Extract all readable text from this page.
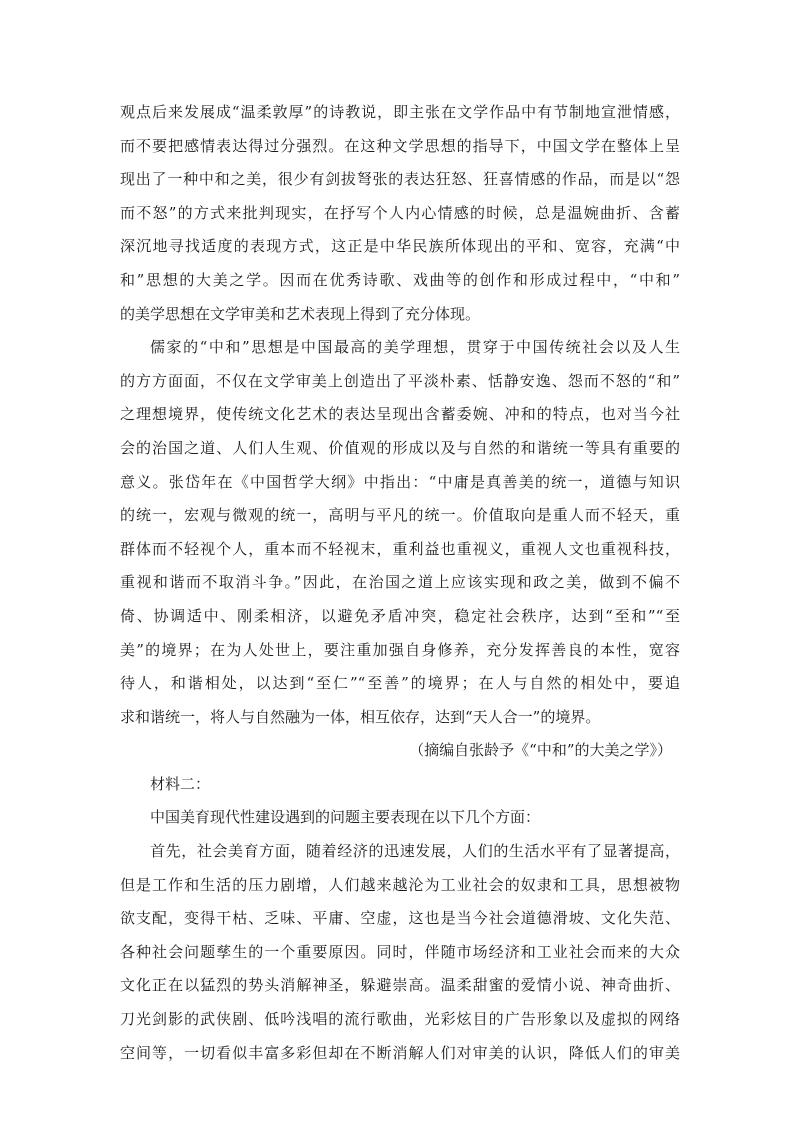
观点后来发展成“温柔敦厚”的诗教说，即主张在文学作品中有节制地宣泄情感，
而不要把感情表达得过分强烈。在这种文学思想的指导下，中国文学在整体上呈
现出了一种中和之美，很少有剑拔弩张的表达狂怒、狂喜情感的作品，而是以“怨
而不怒”的方式来批判现实，在抒写个人内心情感的时候，总是温婉曲折、含蓄
深沉地寻找适度的表现方式，这正是中华民族所体现出的平和、宽容，充满“中
和”思想的大美之学。因而在优秀诗歌、戏曲等的创作和形成过程中，“中和”
的美学思想在文学审美和艺术表现上得到了充分体现。
儒家的“中和”思想是中国最高的美学理想，贯穿于中国传统社会以及人生
的方方面面，不仅在文学审美上创造出了平淡朴素、恬静安逸、怨而不怒的“和”
之理想境界，使传统文化艺术的表达呈现出含蓄委婉、冲和的特点，也对当今社
会的治国之道、人们人生观、价值观的形成以及与自然的和谐统一等具有重要的
意义。张岱年在《中国哲学大纲》中指出：“中庸是真善美的统一，道德与知识
的统一，宏观与微观的统一，高明与平凡的统一。价值取向是重人而不轻天，重
群体而不轻视个人，重本而不轻视末，重利益也重视义，重视人文也重视科技，
重视和谐而不取消斗争。”因此，在治国之道上应该实现和政之美，做到不偏不
倚、协调适中、刚柔相济，以避免矛盾冲突，稳定社会秩序，达到“至和”“至
美”的境界；在为人处世上，要注重加强自身修养，充分发挥善良的本性，宽容
待人，和谐相处，以达到“至仁”“至善”的境界；在人与自然的相处中，要追
求和谐统一，将人与自然融为一体，相互依存，达到“天人合一”的境界。
（摘编自张龄予《“中和”的大美之学》）
材料二：
中国美育现代性建设遇到的问题主要表现在以下几个方面：
首先，社会美育方面，随着经济的迅速发展，人们的生活水平有了显著提高，
但是工作和生活的压力剧增，人们越来越沦为工业社会的奴隶和工具，思想被物
欲支配，变得干枯、乏味、平庸、空虚，这也是当今社会道德滑坡、文化失范、
各种社会问题孳生的一个重要原因。同时，伴随市场经济和工业社会而来的大众
文化正在以猛烈的势头消解神圣，躲避崇高。温柔甜蜜的爱情小说、神奇曲折、
刀光剑影的武侠剧、低吟浅唱的流行歌曲，光彩炫目的广告形象以及虚拟的网络
空间等，一切看似丰富多彩但却在不断消解人们对审美的认识，降低人们的审美
